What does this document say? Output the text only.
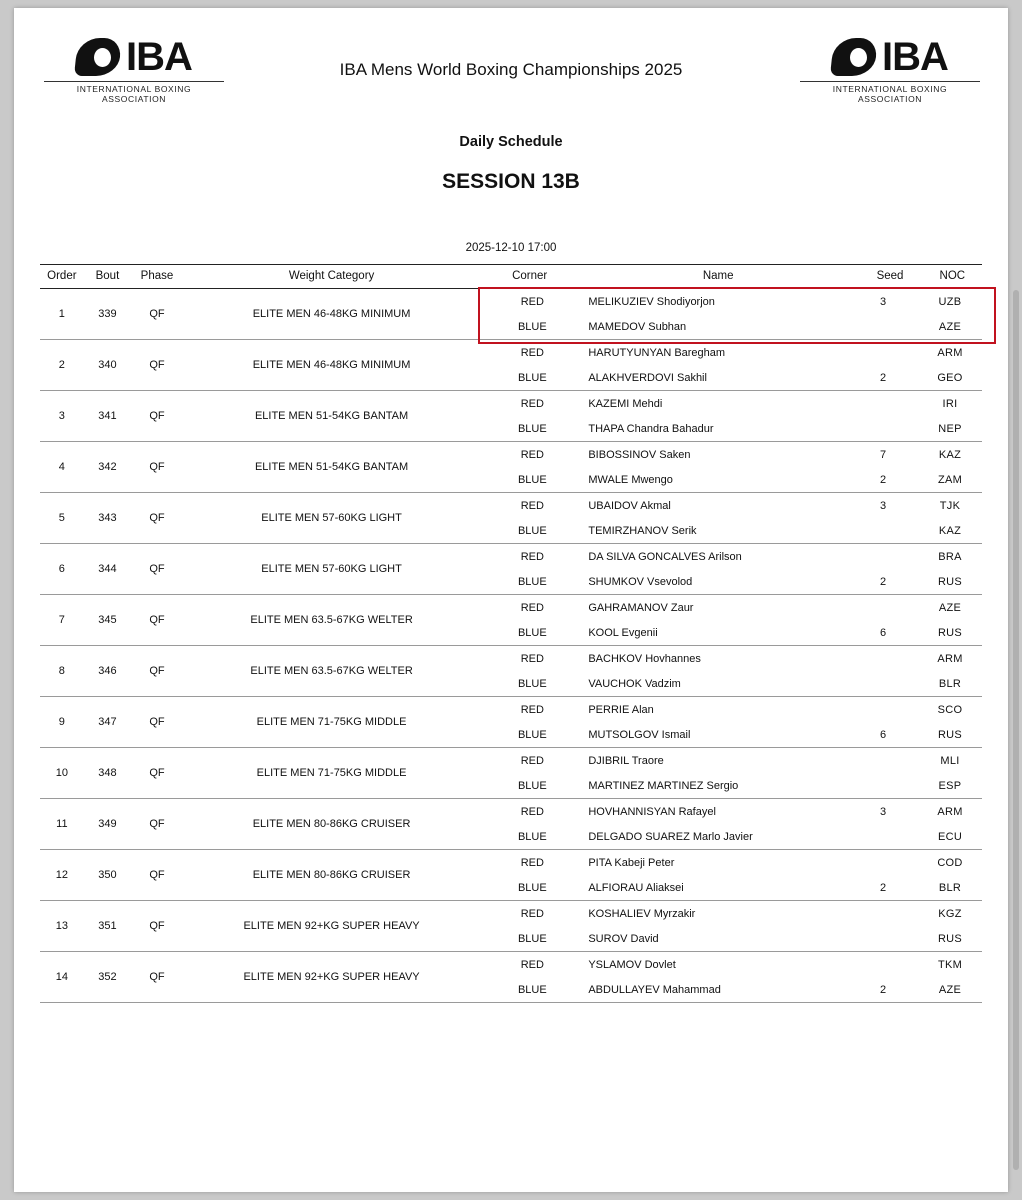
IBA
INTERNATIONAL BOXING ASSOCIATION
IBA Mens World Boxing Championships 2025	IBA
INTERNATIONAL BOXING ASSOCIATION
Daily Schedule
SESSION 13B
2025-12-10 17:00
Order	Bout	Phase	Weight Category	Corner	Name	Seed	NOC
1	339	QF	ELITE MEN 46-48KG MINIMUM	
RED	MELIKUZIEV Shodiyorjon	3	UZB
BLUE	MAMEDOV Subhan		AZE

2	340	QF	ELITE MEN 46-48KG MINIMUM	
RED	HARUTYUNYAN Baregham		ARM
BLUE	ALAKHVERDOVI Sakhil	2	GEO

3	341	QF	ELITE MEN 51-54KG BANTAM	
RED	KAZEMI Mehdi		IRI
BLUE	THAPA Chandra Bahadur		NEP

4	342	QF	ELITE MEN 51-54KG BANTAM	
RED	BIBOSSINOV Saken	7	KAZ
BLUE	MWALE Mwengo	2	ZAM

5	343	QF	ELITE MEN 57-60KG LIGHT	
RED	UBAIDOV Akmal	3	TJK
BLUE	TEMIRZHANOV Serik		KAZ

6	344	QF	ELITE MEN 57-60KG LIGHT	
RED	DA SILVA GONCALVES Arilson		BRA
BLUE	SHUMKOV Vsevolod	2	RUS

7	345	QF	ELITE MEN 63.5-67KG WELTER	
RED	GAHRAMANOV Zaur		AZE
BLUE	KOOL Evgenii	6	RUS

8	346	QF	ELITE MEN 63.5-67KG WELTER	
RED	BACHKOV Hovhannes		ARM
BLUE	VAUCHOK Vadzim		BLR

9	347	QF	ELITE MEN 71-75KG MIDDLE	
RED	PERRIE Alan		SCO
BLUE	MUTSOLGOV Ismail	6	RUS

10	348	QF	ELITE MEN 71-75KG MIDDLE	
RED	DJIBRIL Traore		MLI
BLUE	MARTINEZ MARTINEZ Sergio		ESP

11	349	QF	ELITE MEN 80-86KG CRUISER	
RED	HOVHANNISYAN Rafayel	3	ARM
BLUE	DELGADO SUAREZ Marlo Javier		ECU

12	350	QF	ELITE MEN 80-86KG CRUISER	
RED	PITA Kabeji Peter		COD
BLUE	ALFIORAU Aliaksei	2	BLR

13	351	QF	ELITE MEN 92+KG SUPER HEAVY	
RED	KOSHALIEV Myrzakir		KGZ
BLUE	SUROV David		RUS

14	352	QF	ELITE MEN 92+KG SUPER HEAVY	
RED	YSLAMOV Dovlet		TKM
BLUE	ABDULLAYEV Mahammad	2	AZE
